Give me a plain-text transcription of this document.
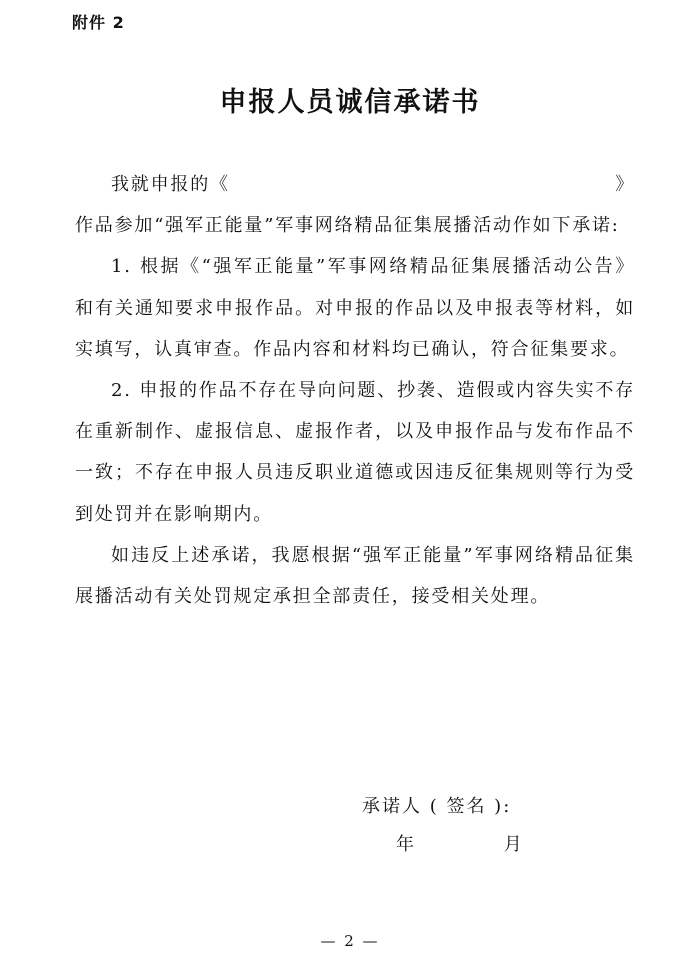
附件 2
申报人员诚信承诺书
我就申报的《	》

作品参加“强军正能量”军事网络精品征集展播活动作如下承诺:

1. 根据《“强军正能量”军事网络精品征集展播活动公告》和有关通知要求申报作品。对申报的作品以及申报表等材料，如实填写，认真审查。作品内容和材料均已确认，符合征集要求。

2. 申报的作品不存在导向问题、抄袭、造假或内容失实不存在重新制作、虚报信息、虚报作者，以及申报作品与发布作品不一致；不存在申报人员违反职业道德或因违反征集规则等行为受到处罚并在影响期内。

如违反上述承诺，我愿根据“强军正能量”军事网络精品征集展播活动有关处罚规定承担全部责任，接受相关处理。

承诺人 ( 签名 ):
年	月
— 2 —
